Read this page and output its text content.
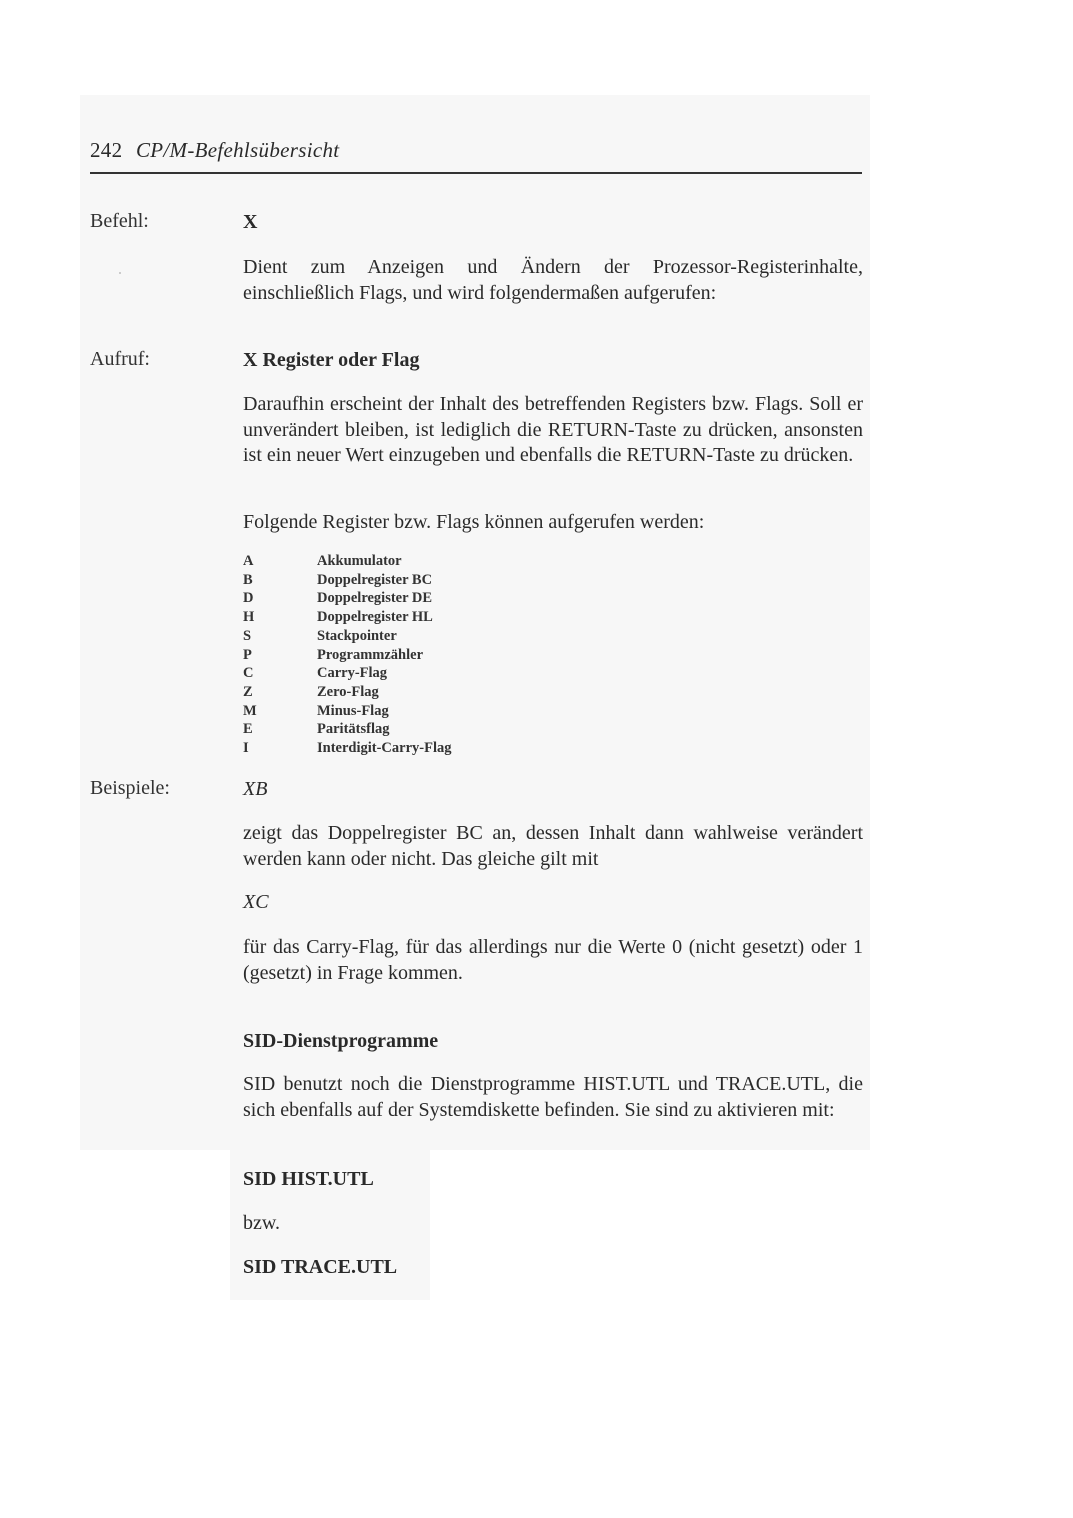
242 CP/M-Befehlsübersicht
Befehl:	X
Dient zum Anzeigen und Ändern der Prozessor-Registerinhalte, einschließlich Flags, und wird folgendermaßen aufgerufen:
Aufruf:	X Register oder Flag
Daraufhin erscheint der Inhalt des betreffenden Registers bzw. Flags. Soll er unverändert bleiben, ist lediglich die RETURN-Taste zu drücken, ansonsten ist ein neuer Wert einzugeben und ebenfalls die RETURN-Taste zu drücken.
Folgende Register bzw. Flags können aufgerufen werden:
A	Akkumulator
B	Doppelregister BC
D	Doppelregister DE
H	Doppelregister HL
S	Stackpointer
P	Programmzähler
C	Carry-Flag
Z	Zero-Flag
M	Minus-Flag
E	Paritätsflag
I	Interdigit-Carry-Flag
Beispiele:	XB
zeigt das Doppelregister BC an, dessen Inhalt dann wahlweise verändert werden kann oder nicht. Das gleiche gilt mit
XC
für das Carry-Flag, für das allerdings nur die Werte 0 (nicht gesetzt) oder 1 (gesetzt) in Frage kommen.
SID-Dienstprogramme
SID benutzt noch die Dienstprogramme HIST.UTL und TRACE.UTL, die sich ebenfalls auf der Systemdiskette befinden. Sie sind zu aktivieren mit:
SID HIST.UTL
bzw.
SID TRACE.UTL
